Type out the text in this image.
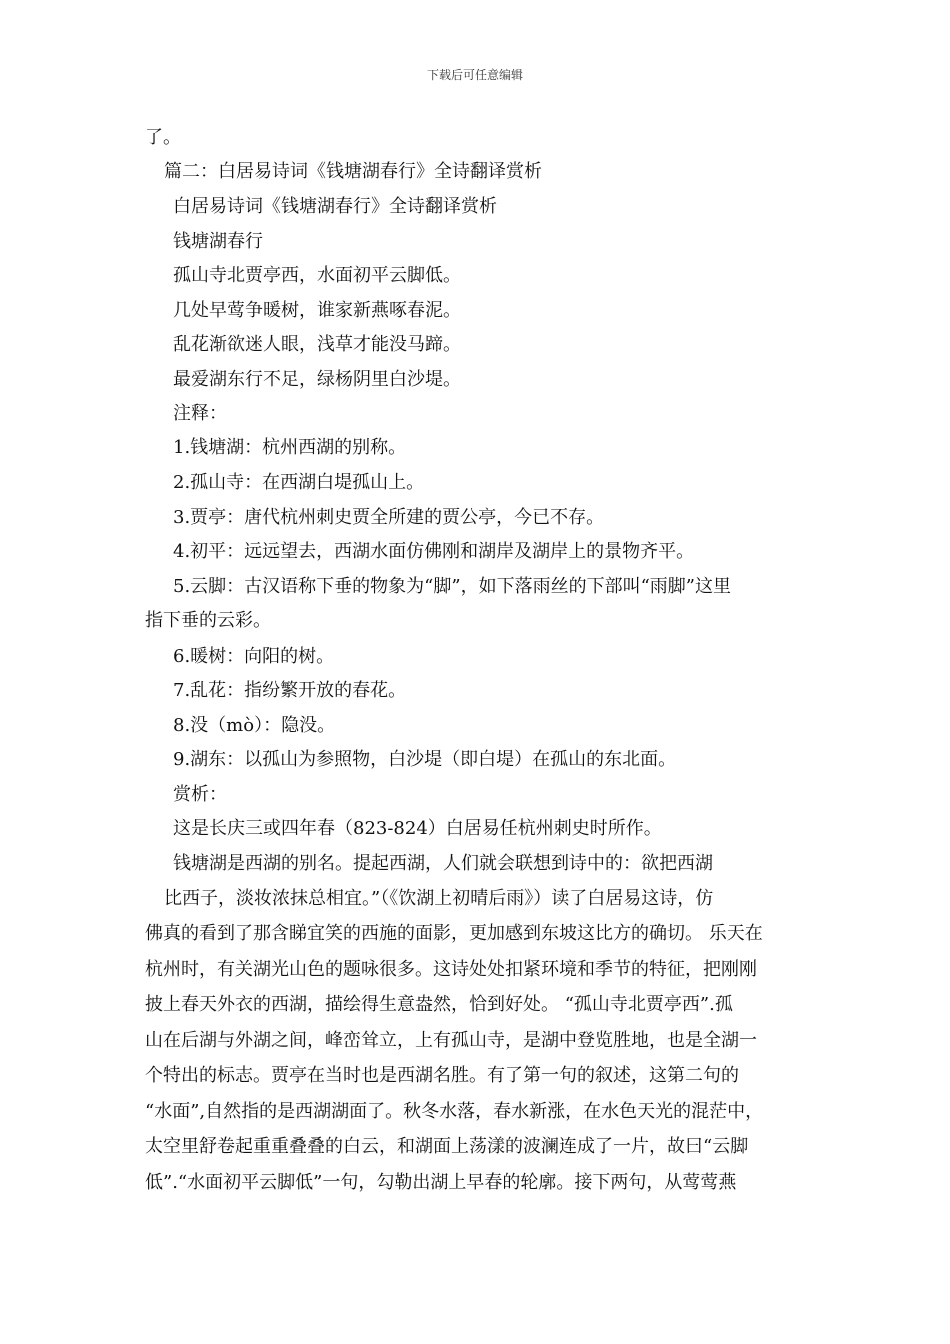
下载后可任意编辑
了。
篇二：白居易诗词《钱塘湖春行》全诗翻译赏析
白居易诗词《钱塘湖春行》全诗翻译赏析
钱塘湖春行
孤山寺北贾亭西，水面初平云脚低。
几处早莺争暖树，谁家新燕啄春泥。
乱花渐欲迷人眼，浅草才能没马蹄。
最爱湖东行不足，绿杨阴里白沙堤。
注释：
1.钱塘湖：杭州西湖的别称。
2.孤山寺：在西湖白堤孤山上。
3.贾亭：唐代杭州刺史贾全所建的贾公亭，今已不存。
4.初平：远远望去，西湖水面仿佛刚和湖岸及湖岸上的景物齐平。
5.云脚：古汉语称下垂的物象为“脚”，如下落雨丝的下部叫“雨脚”这里
指下垂的云彩。
6.暖树：向阳的树。
7.乱花：指纷繁开放的春花。
8.没（mò）：隐没。
9.湖东：以孤山为参照物，白沙堤（即白堤）在孤山的东北面。
赏析：
这是长庆三或四年春（823-824）白居易任杭州刺史时所作。
钱塘湖是西湖的别名。提起西湖，人们就会联想到诗中的：欲把西湖
比西子，淡妆浓抹总相宜。”（《饮湖上初晴后雨》）读了白居易这诗，仿
佛真的看到了那含睇宜笑的西施的面影，更加感到东坡这比方的确切。 乐天在
杭州时，有关湖光山色的题咏很多。这诗处处扣紧环境和季节的特征，把刚刚
披上春天外衣的西湖，描绘得生意盎然，恰到好处。 “孤山寺北贾亭西”.孤
山在后湖与外湖之间，峰峦耸立，上有孤山寺，是湖中登览胜地，也是全湖一
个特出的标志。贾亭在当时也是西湖名胜。有了第一句的叙述，这第二句的
“水面”,自然指的是西湖湖面了。秋冬水落，春水新涨，在水色天光的混茫中，
太空里舒卷起重重叠叠的白云，和湖面上荡漾的波澜连成了一片，故曰“云脚
低”.“水面初平云脚低”一句，勾勒出湖上早春的轮廓。接下两句，从莺莺燕
